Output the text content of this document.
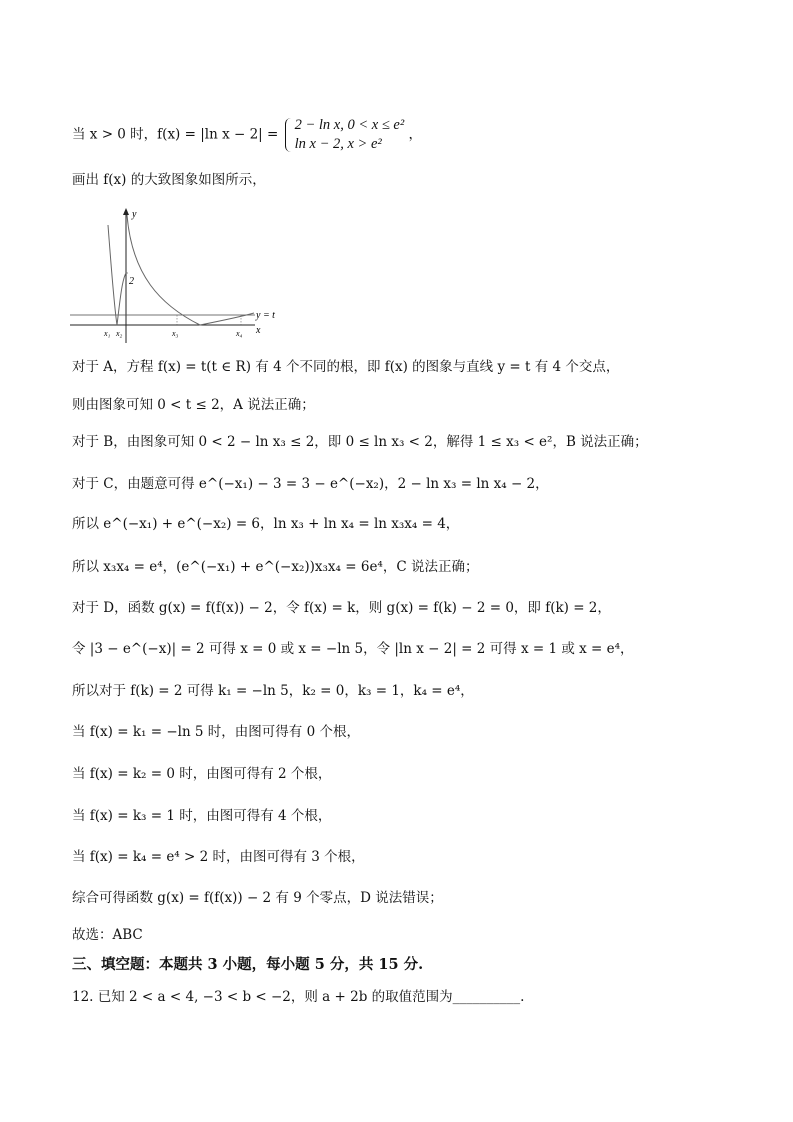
当 x > 0 时，f(x) = |ln x − 2| =
2 − ln x, 0 < x ≤ e²
ln x − 2, x > e²
，
画出 f(x) 的大致图象如图所示，
y
x
y = t
2
x₁ x₂	x₃	x₄
对于 A，方程 f(x) = t(t ∈ R) 有 4 个不同的根，即 f(x) 的图象与直线 y = t 有 4 个交点，
则由图象可知 0 < t ≤ 2，A 说法正确；
对于 B，由图象可知 0 < 2 − ln x₃ ≤ 2，即 0 ≤ ln x₃ < 2，解得 1 ≤ x₃ < e²，B 说法正确；
对于 C，由题意可得 e^(−x₁) − 3 = 3 − e^(−x₂)，2 − ln x₃ = ln x₄ − 2，
所以 e^(−x₁) + e^(−x₂) = 6，ln x₃ + ln x₄ = ln x₃x₄ = 4，
所以 x₃x₄ = e⁴，(e^(−x₁) + e^(−x₂))x₃x₄ = 6e⁴，C 说法正确；
对于 D，函数 g(x) = f(f(x)) − 2，令 f(x) = k，则 g(x) = f(k) − 2 = 0，即 f(k) = 2，
令 |3 − e^(−x)| = 2 可得 x = 0 或 x = −ln 5，令 |ln x − 2| = 2 可得 x = 1 或 x = e⁴，
所以对于 f(k) = 2 可得 k₁ = −ln 5，k₂ = 0，k₃ = 1，k₄ = e⁴，
当 f(x) = k₁ = −ln 5 时，由图可得有 0 个根，
当 f(x) = k₂ = 0 时，由图可得有 2 个根，
当 f(x) = k₃ = 1 时，由图可得有 4 个根，
当 f(x) = k₄ = e⁴ > 2 时，由图可得有 3 个根，
综合可得函数 g(x) = f(f(x)) − 2 有 9 个零点，D 说法错误；
故选：ABC
三、填空题：本题共 3 小题，每小题 5 分，共 15 分.
12. 已知 2 < a < 4, −3 < b < −2，则 a + 2b 的取值范围为__________.
